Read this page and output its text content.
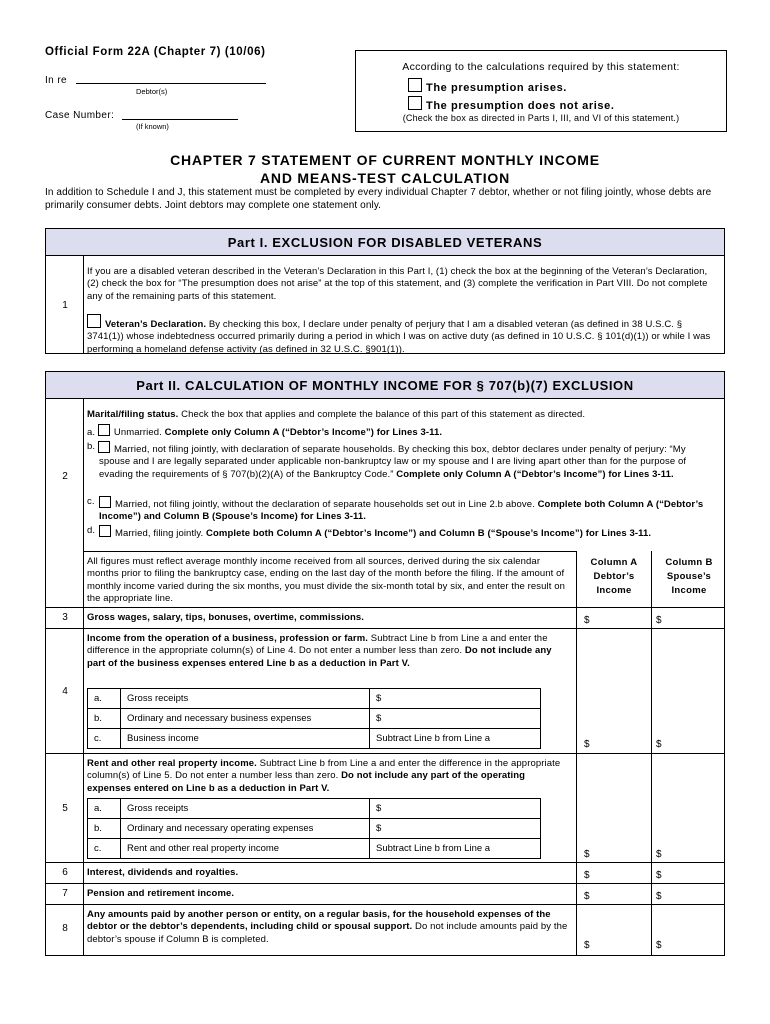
Official Form 22A (Chapter 7) (10/06)
In re
Debtor(s)
Case Number:
(If known)
According to the calculations required by this statement:
The presumption arises.
The presumption does not arise.
(Check the box as directed in Parts I, III, and VI of this statement.)
CHAPTER 7 STATEMENT OF CURRENT MONTHLY INCOME
AND MEANS-TEST CALCULATION
In addition to Schedule I and J, this statement must be completed by every individual Chapter 7 debtor, whether or not filing jointly, whose debts are primarily consumer debts. Joint debtors may complete one statement only.
Part I. EXCLUSION FOR DISABLED VETERANS
1
If you are a disabled veteran described in the Veteran’s Declaration in this Part I, (1) check the box at the beginning of the Veteran’s Declaration, (2) check the box for “The presumption does not arise” at the top of this statement, and (3) complete the verification in Part VIII. Do not complete any of the remaining parts of this statement.
Veteran’s Declaration. By checking this box, I declare under penalty of perjury that I am a disabled veteran (as defined in 38 U.S.C. § 3741(1)) whose indebtedness occurred primarily during a period in which I was on active duty (as defined in 10 U.S.C. § 101(d)(1)) or while I was performing a homeland defense activity (as defined in 32 U.S.C. §901(1)).
Part II. CALCULATION OF MONTHLY INCOME FOR § 707(b)(7) EXCLUSION
2
Marital/filing status. Check the box that applies and complete the balance of this part of this statement as directed.
a. Unmarried. Complete only Column A (“Debtor’s Income”) for Lines 3-11.
b.	Married, not filing jointly, with declaration of separate households. By checking this box, debtor declares under penalty of perjury: “My spouse and I are legally separated under applicable non-bankruptcy law or my spouse and I are living apart other than for the purpose of evading the requirements of § 707(b)(2)(A) of the Bankruptcy Code.” Complete only Column A (“Debtor’s Income”) for Lines 3-11.
c.	Married, not filing jointly, without the declaration of separate households set out in Line 2.b above. Complete both Column A (“Debtor’s Income”) and Column B (Spouse’s Income) for Lines 3-11.
d.	Married, filing jointly. Complete both Column A (“Debtor’s Income”) and Column B (“Spouse’s Income”) for Lines 3-11.
All figures must reflect average monthly income received from all sources, derived during the six calendar months prior to filing the bankruptcy case, ending on the last day of the month before the filing. If the amount of monthly income varied during the six months, you must divide the six-month total by six, and enter the result on the appropriate line.
Column A Debtor’s Income
Column B Spouse’s Income
3	Gross wages, salary, tips, bonuses, overtime, commissions.	$	$
4
Income from the operation of a business, profession or farm. Subtract Line b from Line a and enter the difference in the appropriate column(s) of Line 4. Do not enter a number less than zero. Do not include any part of the business expenses entered Line b as a deduction in Part V.
a.	Gross receipts	$
b.	Ordinary and necessary business expenses	$
c.	Business income	Subtract Line b from Line a
$	$
5
Rent and other real property income. Subtract Line b from Line a and enter the difference in the appropriate column(s) of Line 5. Do not enter a number less than zero. Do not include any part of the operating expenses entered on Line b as a deduction in Part V.
a.	Gross receipts	$
b.	Ordinary and necessary operating expenses	$
c.	Rent and other real property income	Subtract Line b from Line a
$	$
6	Interest, dividends and royalties.	$	$
7	Pension and retirement income.	$	$
8
Any amounts paid by another person or entity, on a regular basis, for the household expenses of the debtor or the debtor’s dependents, including child or spousal support. Do not include amounts paid by the debtor’s spouse if Column B is completed.
$	$
